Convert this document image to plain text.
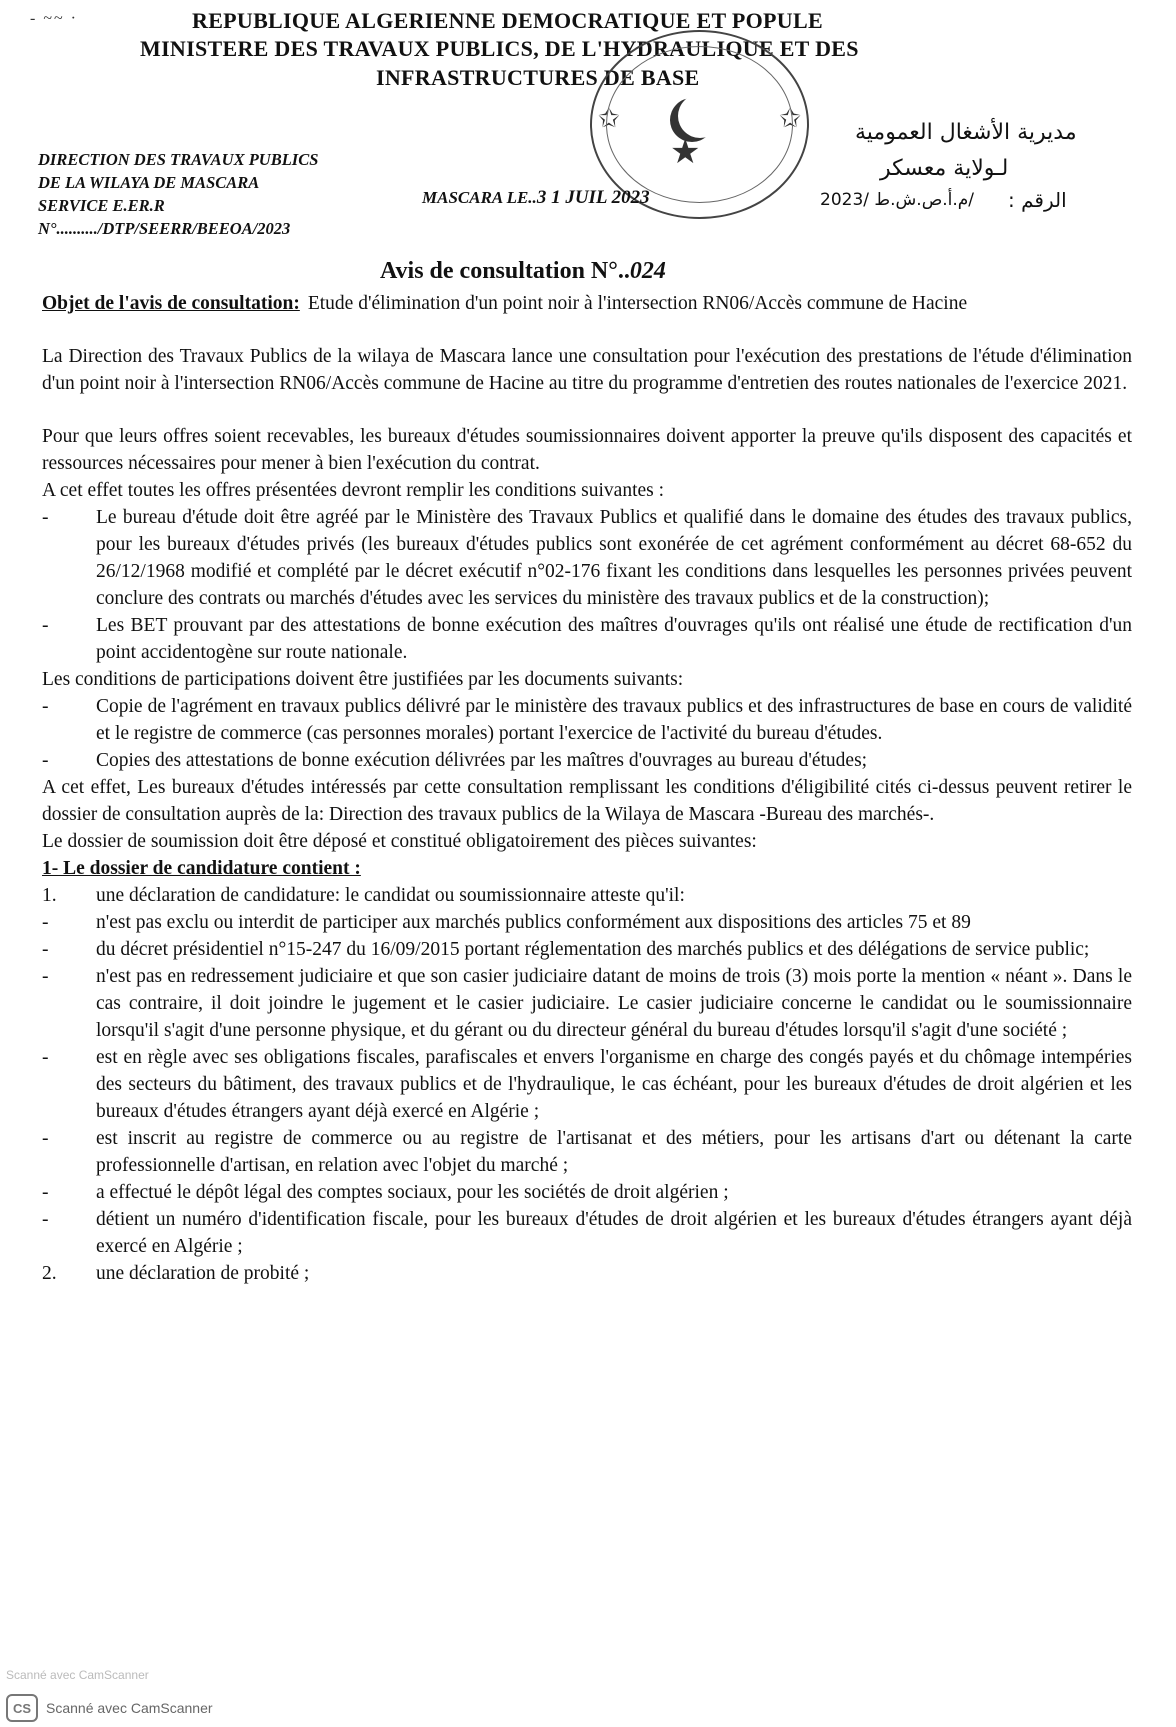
- ~~ ·	REPUBLIQUE ALGERIENNE DEMOCRATIQUE ET POPULE
MINISTERE DES TRAVAUX PUBLICS, DE L'HYDRAULIQUE ET DES
INFRASTRUCTURES DE BASE
✩	✩
★
DIRECTION DES TRAVAUX PUBLICS
DE LA WILAYA DE MASCARA
SERVICE E.ER.R
N°........../DTP/SEERR/BEEOA/2023
MASCARA LE..3 1 JUIL 2023
مديرية الأشغال العمومية
لـولاية معسكر
2023/ م.أ.ص.ش.ط/ الرقم :
Avis de consultation N°..024

Objet de l'avis de consultation: Etude d'élimination d'un point noir à l'intersection RN06/Accès commune de Hacine

La Direction des Travaux Publics de la wilaya de Mascara lance une consultation pour l'exécution des prestations de l'étude d'élimination d'un point noir à l'intersection RN06/Accès commune de Hacine au titre du programme d'entretien des routes nationales de l'exercice 2021.

Pour que leurs offres soient recevables, les bureaux d'études soumissionnaires doivent apporter la preuve qu'ils disposent des capacités et ressources nécessaires pour mener à bien l'exécution du contrat.

A cet effet toutes les offres présentées devront remplir les conditions suivantes :

- Le bureau d'étude doit être agréé par le Ministère des Travaux Publics et qualifié dans le domaine des études des travaux publics, pour les bureaux d'études privés (les bureaux d'études publics sont exonérée de cet agrément conformément au décret 68-652 du 26/12/1968 modifié et complété par le décret exécutif n°02-176 fixant les conditions dans lesquelles les personnes privées peuvent conclure des contrats ou marchés d'études avec les services du ministère des travaux publics et de la construction);

- Les BET prouvant par des attestations de bonne exécution des maîtres d'ouvrages qu'ils ont réalisé une étude de rectification d'un point accidentogène sur route nationale.

Les conditions de participations doivent être justifiées par les documents suivants:

- Copie de l'agrément en travaux publics délivré par le ministère des travaux publics et des infrastructures de base en cours de validité et le registre de commerce (cas personnes morales) portant l'exercice de l'activité du bureau d'études.

- Copies des attestations de bonne exécution délivrées par les maîtres d'ouvrages au bureau d'études;

A cet effet, Les bureaux d'études intéressés par cette consultation remplissant les conditions d'éligibilité cités ci-dessus peuvent retirer le dossier de consultation auprès de la: Direction des travaux publics de la Wilaya de Mascara -Bureau des marchés-.

Le dossier de soumission doit être déposé et constitué obligatoirement des pièces suivantes:

1- Le dossier de candidature contient :

1. une déclaration de candidature: le candidat ou soumissionnaire atteste qu'il:

- n'est pas exclu ou interdit de participer aux marchés publics conformément aux dispositions des articles 75 et 89

- du décret présidentiel n°15-247 du 16/09/2015 portant réglementation des marchés publics et des délégations de service public;

- n'est pas en redressement judiciaire et que son casier judiciaire datant de moins de trois (3) mois porte la mention « néant ». Dans le cas contraire, il doit joindre le jugement et le casier judiciaire. Le casier judiciaire concerne le candidat ou le soumissionnaire lorsqu'il s'agit d'une personne physique, et du gérant ou du directeur général du bureau d'études lorsqu'il s'agit d'une société ;

- est en règle avec ses obligations fiscales, parafiscales et envers l'organisme en charge des congés payés et du chômage intempéries des secteurs du bâtiment, des travaux publics et de l'hydraulique, le cas échéant, pour les bureaux d'études de droit algérien et les bureaux d'études étrangers ayant déjà exercé en Algérie ;

- est inscrit au registre de commerce ou au registre de l'artisanat et des métiers, pour les artisans d'art ou détenant la carte professionnelle d'artisan, en relation avec l'objet du marché ;

- a effectué le dépôt légal des comptes sociaux, pour les sociétés de droit algérien ;

- détient un numéro d'identification fiscale, pour les bureaux d'études de droit algérien et les bureaux d'études étrangers ayant déjà exercé en Algérie ;

2. une déclaration de probité ;

Scanné avec CamScanner
CS	Scanné avec CamScanner
